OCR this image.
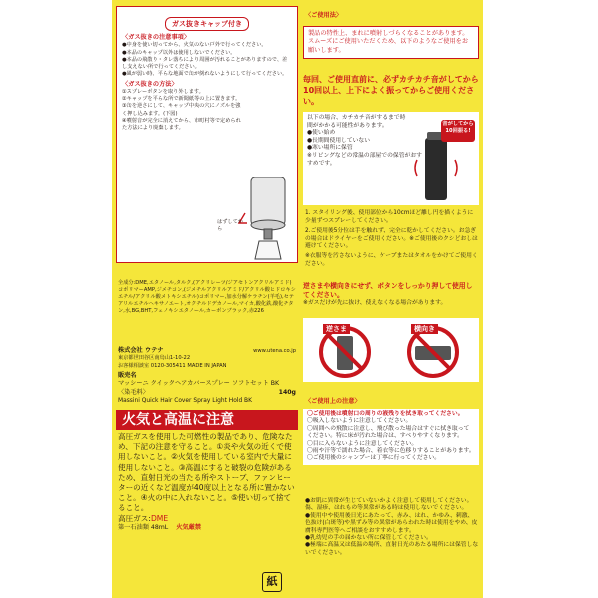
ガス抜きキャップ付き
〈ガス抜きの注意事項〉
●中身を使い切ってから、火気のない戸外で行ってください。
●本品のキャップ以外は使用しないでください。
●本品の飛散り・タレ落ちにより周囲が汚れることがありますので、差し支えない所で行ってください。
●風が弱い時、平らな地面で缶が倒れないようにして行ってください。
〈ガス抜きの方法〉
①スプレーボタンを取り外します。
②キャップを平らな所で新聞紙等の上に置きます。
③缶を逆さにして、キャップ中央の穴にノズルを強く押し込みます。(下図)
④噴射音が完全に消えてから、市町村等で定められた方法により廃棄します。
はずしてから
全成分:DME,エタノール,タルク,(アクリレーツ/ジアセトンアクリルアミド)コポリマーAMP,ジメチコン,(ジメチルアクリルアミド/アクリル酸ヒドロキシエチル/アクリル酸メトキシエチル)コポリマー,加水分解ケラチン(羊毛),セテアリルエチルヘキサノエート,オクチルドデカノール,マイカ,酸化鉄,酸化チタン,水,BG,BHT,フェノキシエタノール,カーボンブラック,赤226
株式会社 ウテナ	www.utena.co.jp
東京都世田谷区南烏山1-10-22
お客様相談室 0120-305411 MADE IN JAPAN
販売名
マッシーニ クイックヘアカバースプレー ソフトセット BK
〈染毛料〉	140g
Massini Quick Hair Cover Spray Light Hold BK
火気と高温に注意
高圧ガスを使用した可燃性の製品であり、危険なため、下記の注意を守ること。①炎や火気の近くで使用しないこと。②火気を使用している室内で大量に使用しないこと。③高温にすると破裂の危険があるため、直射日光の当たる所やストーブ、ファンヒーターの近くなど温度が40度以上となる所に置かないこと。④火の中に入れないこと。⑤使い切って捨てること。
高圧ガス:DME
第一石油類 48mL 火気厳禁
〈ご使用法〉
製品の特性上、まれに噴射しづらくなることがあります。スムーズにご使用いただくため、以下のようなご使用をお願いします。
毎回、ご使用直前に、必ずカチカチ音がしてから10回以上、上下によく振ってからご使用ください。
以下の場合、カチカチ音がするまで時間がかかる可能性があります。
●使い始め
●長期間使用していない
●寒い場所に保管
※リビングなどの常温の部屋での保管がおすすめです。
音がしてから10回振る!
1. スタイリング後、使用部位から10cmほど離し円を描くように少量ずつスプレーしてください。
2.ご使用後5分位は手を触れず、完全に乾かしてください。お急ぎの場合はドライヤーをご使用ください。※ご使用後のクシどおしは避けてください。
※衣服等を汚さないように、ケープまたはタオルをかけてご使用ください。
逆さまや横向きにせず、ボタンをしっかり押して使用してください。
※ガスだけが先に抜け、使えなくなる場合があります。
逆さま	横向き
〈ご使用上の注意〉
〇ご使用後は噴射口の周りの液残りを拭き取ってください。
〇吸入しないように注意してください。
〇周囲への飛散に注意し、飛び散った場合はすぐに拭き取ってください。特に床が汚れた場合は、すべりやすくなります。
〇目に入らないように注意してください。
〇雨や汗等で濡れた場合、着衣等に色移りすることがあります。
〇ご使用後のシャンプーは丁寧に行ってください。
●お肌に異常が生じていないかよく注意して使用してください。傷、湿疹、はれもの等異常がある時は使用しないでください。
●使用中や使用後日光にあたって、赤み、はれ、かゆみ、刺激、色抜け(白斑等)や黒ずみ等の異常があらわれた時は使用をやめ、皮膚科専門医等へご相談をおすすめします。
●乳幼児の手の届かない所に保管してください。
●極端に高温又は低温の場所、直射日光のあたる場所には保管しないでください。
紙
